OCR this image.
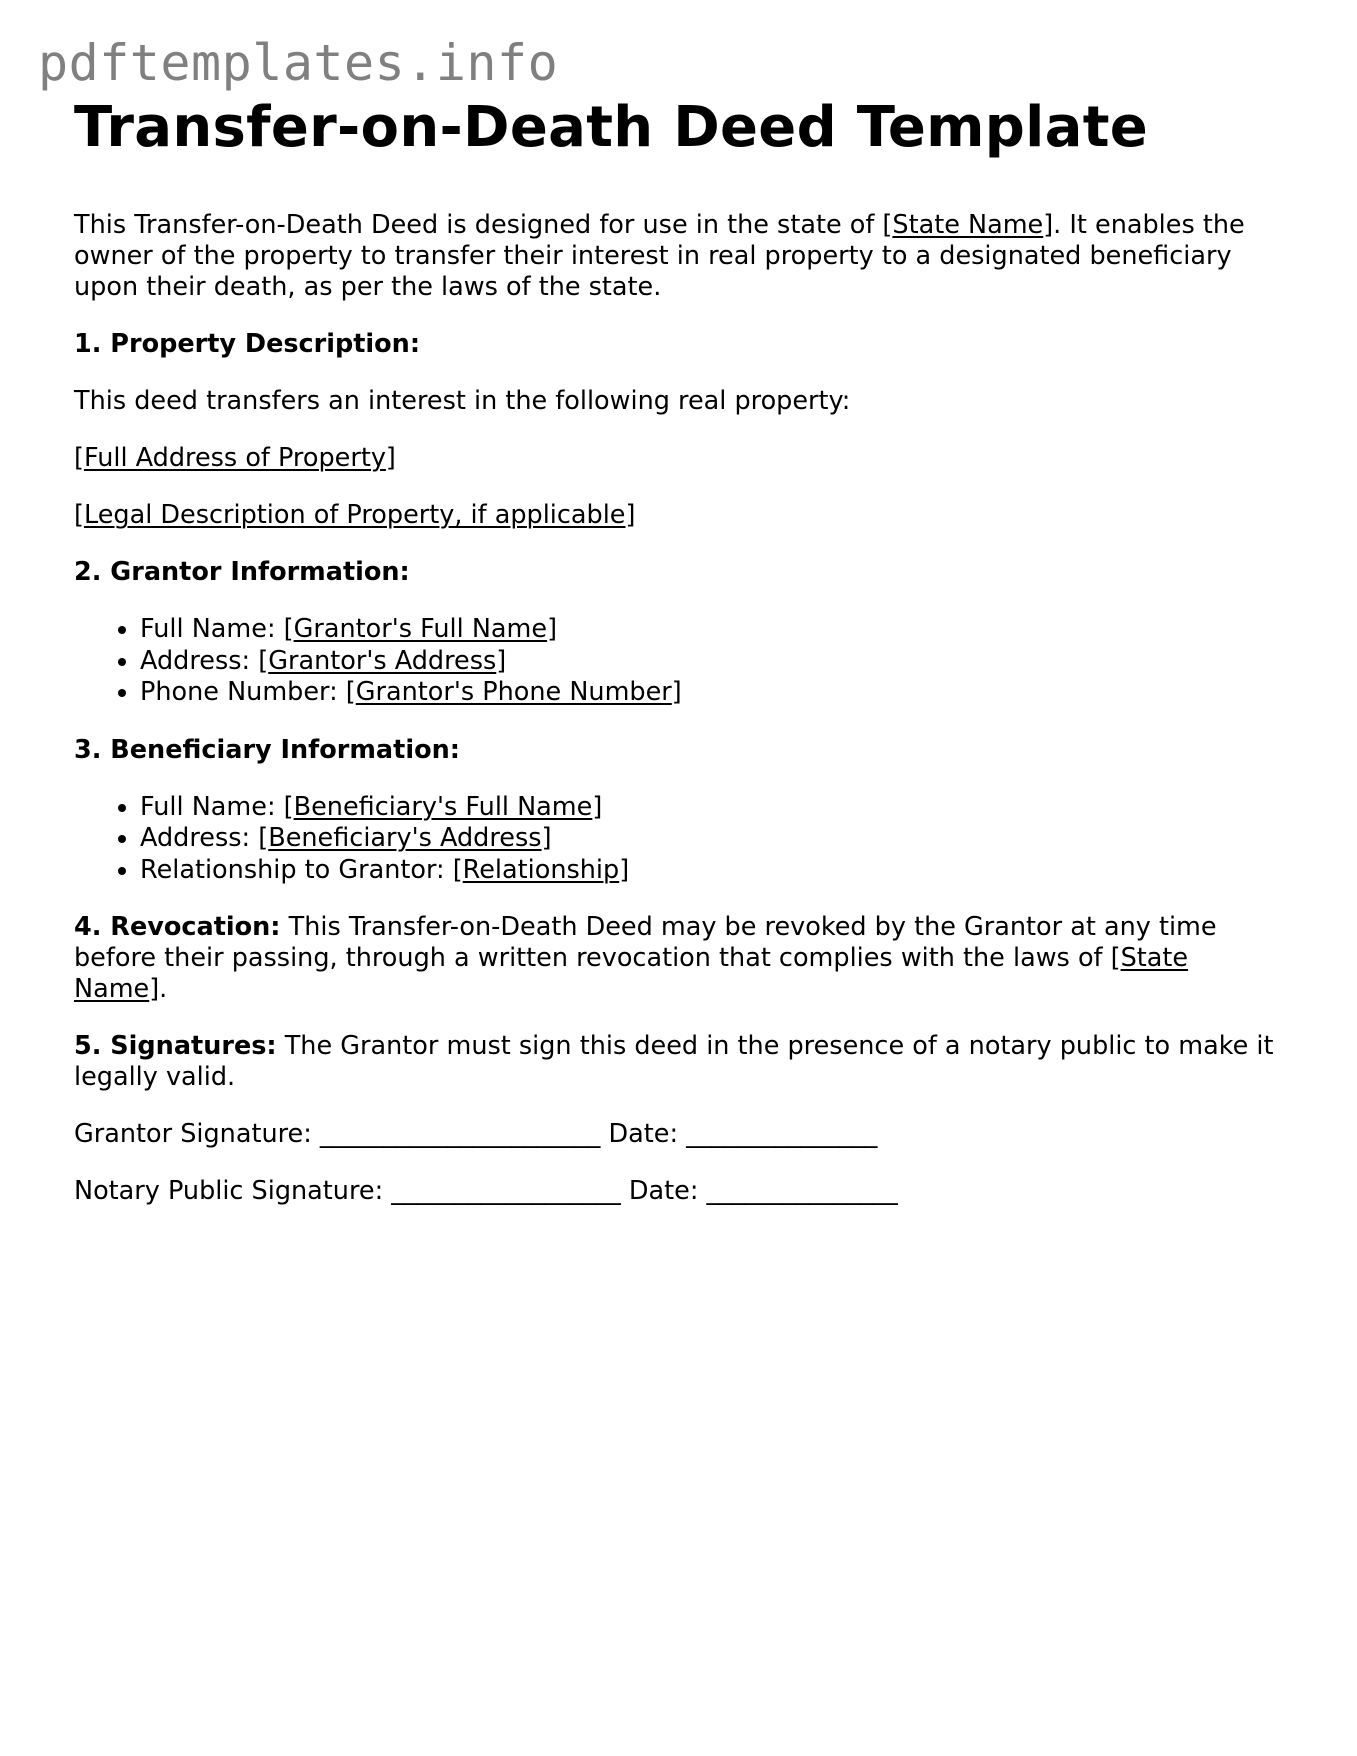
pdftemplates.info
Transfer-on-Death Deed Template

This Transfer-on-Death Deed is designed for use in the state of [State Name]. It enables the owner of the property to transfer their interest in real property to a designated beneficiary upon their death, as per the laws of the state.

1. Property Description:

This deed transfers an interest in the following real property:

[Full Address of Property]

[Legal Description of Property, if applicable]

2. Grantor Information:

• Full Name: [Grantor's Full Name]
• Address: [Grantor's Address]
• Phone Number: [Grantor's Phone Number]

3. Beneficiary Information:

• Full Name: [Beneficiary's Full Name]
• Address: [Beneficiary's Address]
• Relationship to Grantor: [Relationship]

4. Revocation: This Transfer-on-Death Deed may be revoked by the Grantor at any time before their passing, through a written revocation that complies with the laws of [State Name].

5. Signatures: The Grantor must sign this deed in the presence of a notary public to make it legally valid.

Grantor Signature: ______________________ Date: _______________

Notary Public Signature: __________________ Date: _______________
